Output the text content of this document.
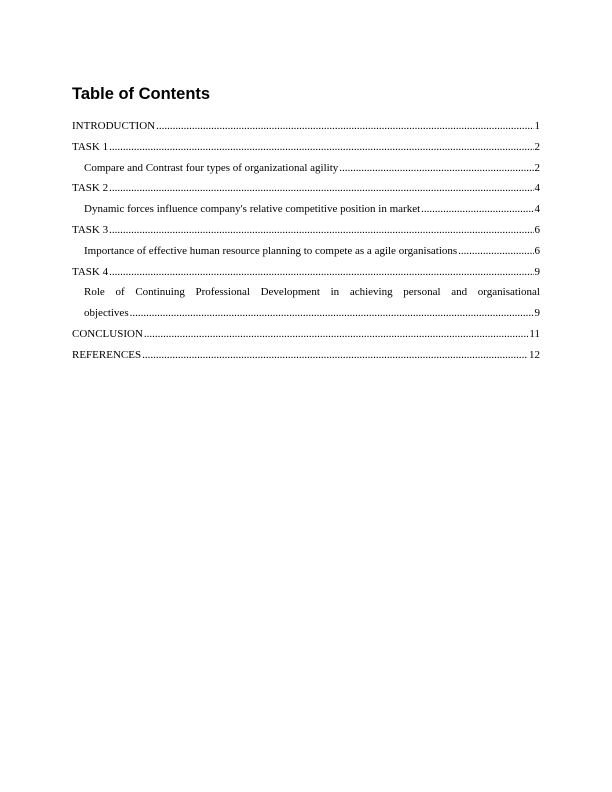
Table of Contents
INTRODUCTION .....	1
TASK 1 .....	2
Compare and Contrast four types of organizational agility .....	2
TASK 2 .....	4
Dynamic forces influence company's relative competitive position in market .....	4
TASK 3 .....	6
Importance of effective human resource planning to compete as a agile organisations .....	6
TASK 4 .....	9
Role of Continuing Professional Development in achieving personal and organisational
objectives .....	9
CONCLUSION .....	11
REFERENCES .....	12
